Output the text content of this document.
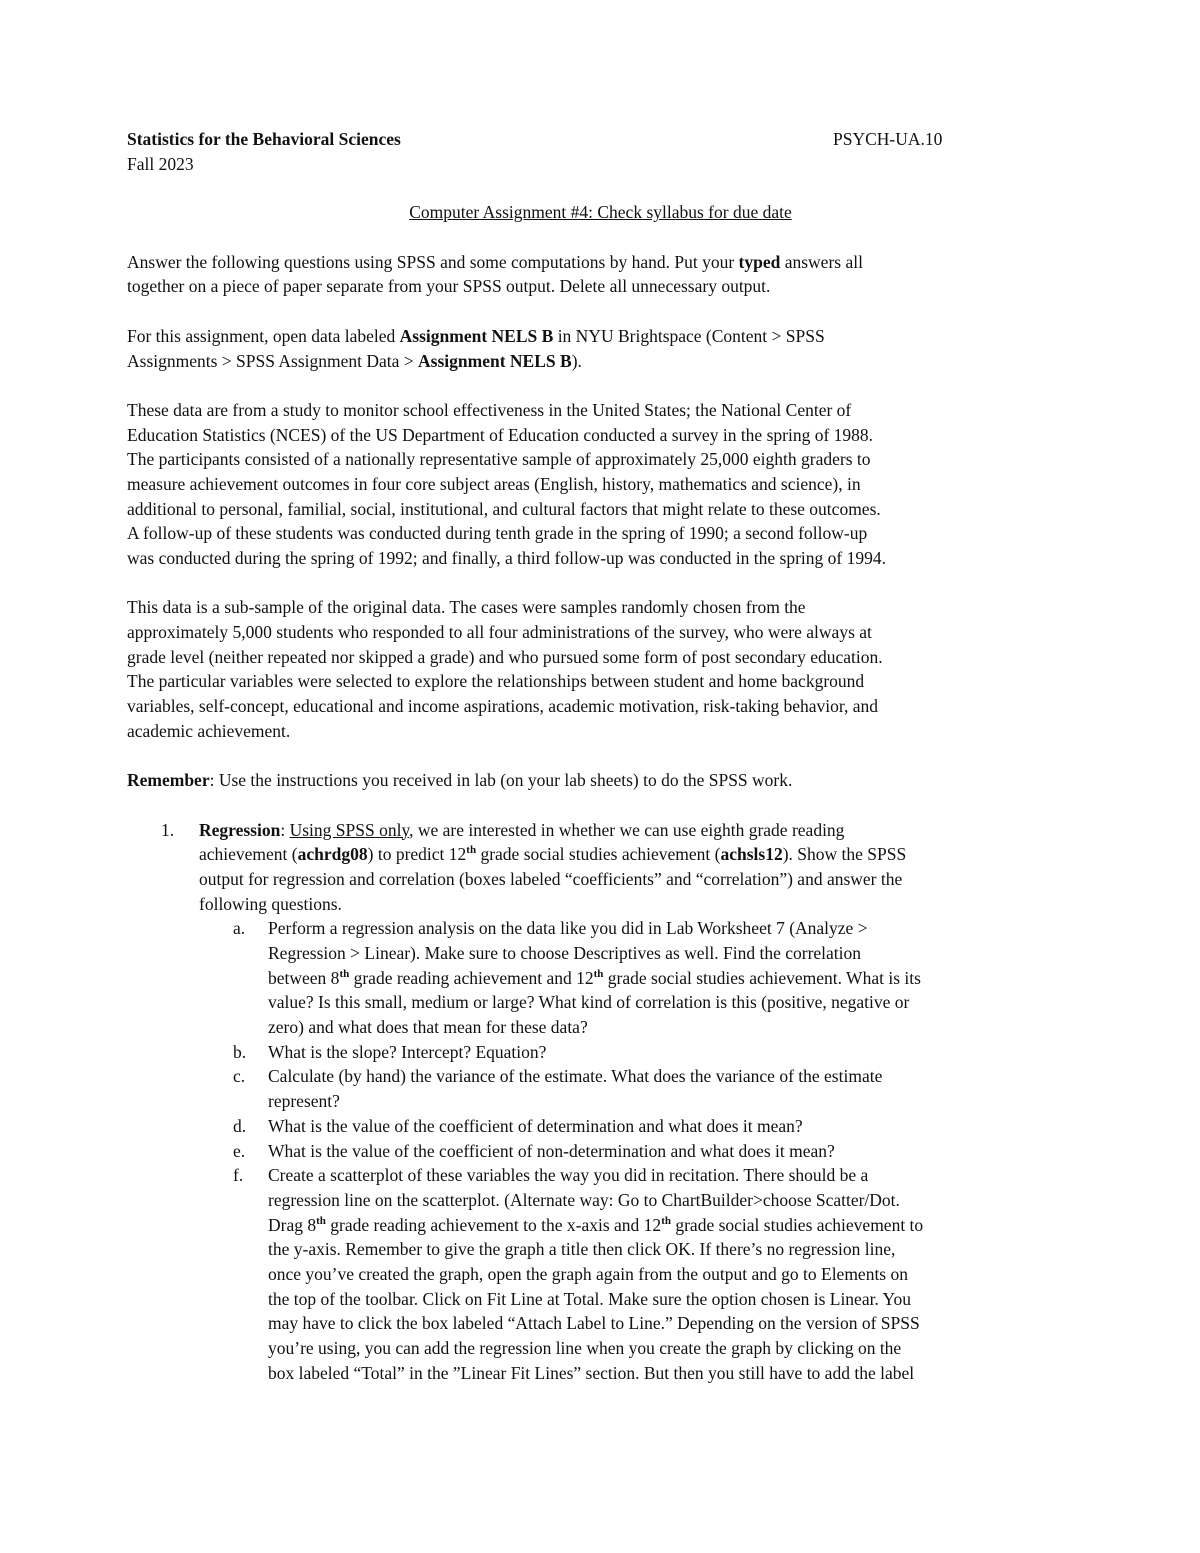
Statistics for the Behavioral Sciences	PSYCH-UA.10
Fall 2023
Computer Assignment #4: Check syllabus for due date
Answer the following questions using SPSS and some computations by hand. Put your typed answers all
together on a piece of paper separate from your SPSS output. Delete all unnecessary output.
For this assignment, open data labeled Assignment NELS B in NYU Brightspace (Content > SPSS
Assignments > SPSS Assignment Data > Assignment NELS B).
These data are from a study to monitor school effectiveness in the United States; the National Center of
Education Statistics (NCES) of the US Department of Education conducted a survey in the spring of 1988.
The participants consisted of a nationally representative sample of approximately 25,000 eighth graders to
measure achievement outcomes in four core subject areas (English, history, mathematics and science), in
additional to personal, familial, social, institutional, and cultural factors that might relate to these outcomes.
A follow-up of these students was conducted during tenth grade in the spring of 1990; a second follow-up
was conducted during the spring of 1992; and finally, a third follow-up was conducted in the spring of 1994.
This data is a sub-sample of the original data. The cases were samples randomly chosen from the
approximately 5,000 students who responded to all four administrations of the survey, who were always at
grade level (neither repeated nor skipped a grade) and who pursued some form of post secondary education.
The particular variables were selected to explore the relationships between student and home background
variables, self-concept, educational and income aspirations, academic motivation, risk-taking behavior, and
academic achievement.
Remember: Use the instructions you received in lab (on your lab sheets) to do the SPSS work.
1. Regression: Using SPSS only, we are interested in whether we can use eighth grade reading
achievement (achrdg08) to predict 12th grade social studies achievement (achsls12). Show the SPSS
output for regression and correlation (boxes labeled “coefficients” and “correlation”) and answer the
following questions.
a. Perform a regression analysis on the data like you did in Lab Worksheet 7 (Analyze >
Regression > Linear). Make sure to choose Descriptives as well. Find the correlation
between 8th grade reading achievement and 12th grade social studies achievement. What is its
value? Is this small, medium or large? What kind of correlation is this (positive, negative or
zero) and what does that mean for these data?
b. What is the slope? Intercept? Equation?
c. Calculate (by hand) the variance of the estimate. What does the variance of the estimate
represent?
d. What is the value of the coefficient of determination and what does it mean?
e. What is the value of the coefficient of non-determination and what does it mean?
f. Create a scatterplot of these variables the way you did in recitation. There should be a
regression line on the scatterplot. (Alternate way: Go to ChartBuilder>choose Scatter/Dot.
Drag 8th grade reading achievement to the x-axis and 12th grade social studies achievement to
the y-axis. Remember to give the graph a title then click OK. If there’s no regression line,
once you’ve created the graph, open the graph again from the output and go to Elements on
the top of the toolbar. Click on Fit Line at Total. Make sure the option chosen is Linear. You
may have to click the box labeled “Attach Label to Line.” Depending on the version of SPSS
you’re using, you can add the regression line when you create the graph by clicking on the
box labeled “Total” in the ”Linear Fit Lines” section. But then you still have to add the label
